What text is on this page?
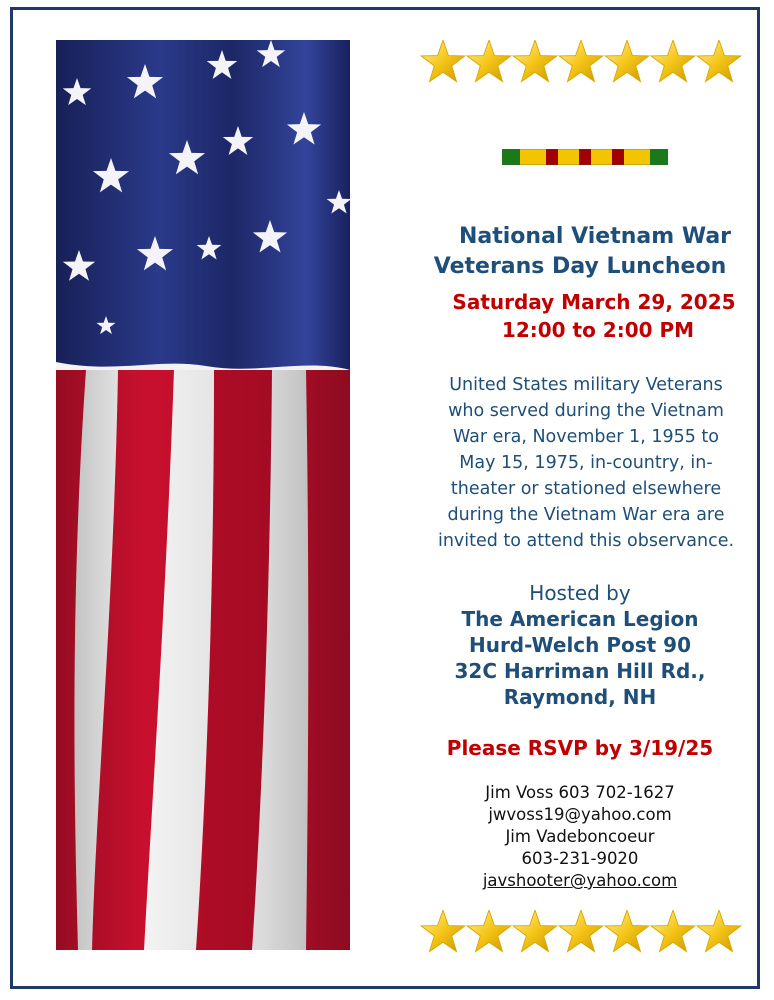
National Vietnam War
Veterans Day Luncheon
Saturday March 29, 2025
12:00 to 2:00 PM
United States military Veterans
who served during the Vietnam
War era, November 1, 1955 to
May 15, 1975, in-country, in-
theater or stationed elsewhere
during the Vietnam War era are
invited to attend this observance.
Hosted by
The American Legion
Hurd-Welch Post 90
32C Harriman Hill Rd.,
Raymond, NH
Please RSVP by 3/19/25
Jim Voss 603 702-1627
jwvoss19@yahoo.com
Jim Vadeboncoeur
603-231-9020
javshooter@yahoo.com
